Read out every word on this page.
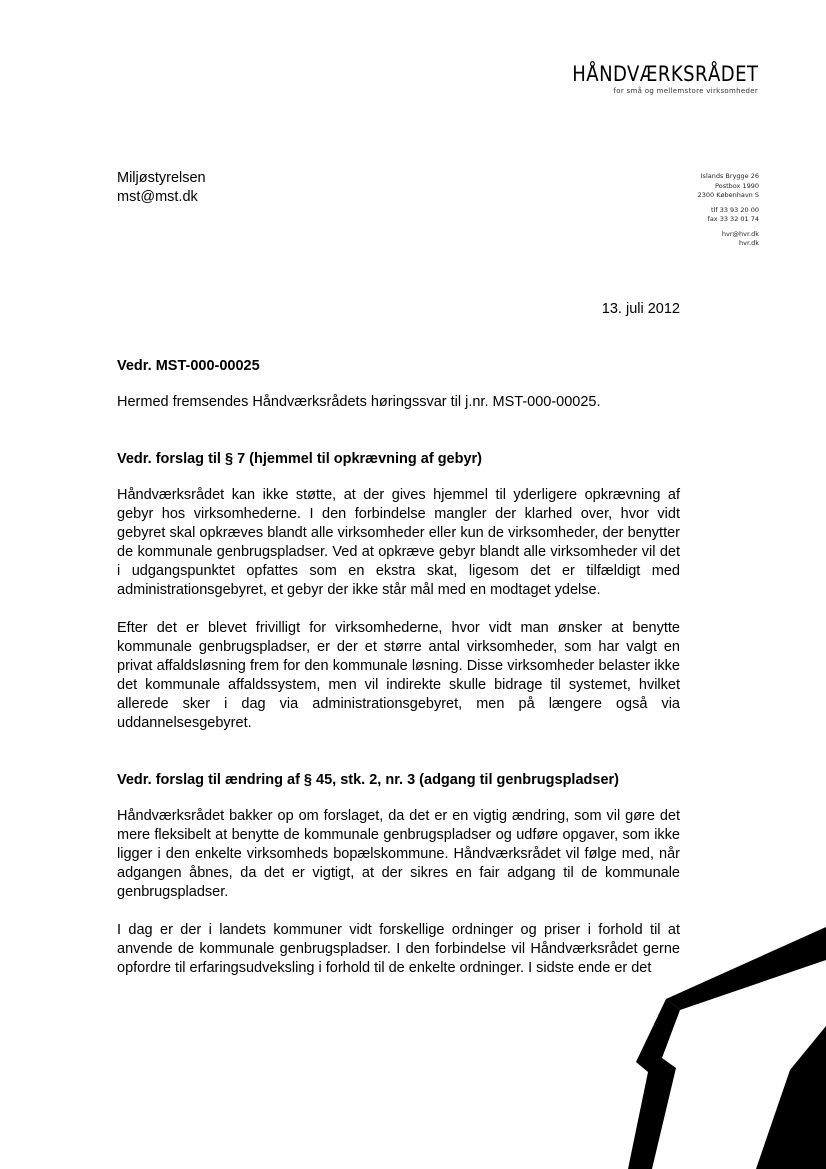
HÅNDVÆRKSRÅDET
for små og mellemstore virksomheder
Miljøstyrelsen
mst@mst.dk
Islands Brygge 26
Postbox 1990
2300 København S
tlf 33 93 20 00
fax 33 32 01 74
hvr@hvr.dk
hvr.dk
13. juli 2012
Vedr. MST-000-00025

Hermed fremsendes Håndværksrådets høringssvar til j.nr. MST-000-00025.

Vedr. forslag til § 7 (hjemmel til opkrævning af gebyr)

Håndværksrådet kan ikke støtte, at der gives hjemmel til yderligere opkrævning af gebyr hos virksomhederne. I den forbindelse mangler der klarhed over, hvor vidt gebyret skal opkræves blandt alle virksomheder eller kun de virksomheder, der benytter de kommunale genbrugspladser. Ved at opkræve gebyr blandt alle virksomheder vil det i udgangspunktet opfattes som en ekstra skat, ligesom det er tilfældigt med administrationsgebyret, et gebyr der ikke står mål med en modtaget ydelse.

Efter det er blevet frivilligt for virksomhederne, hvor vidt man ønsker at benytte kommunale genbrugspladser, er der et større antal virksomheder, som har valgt en privat affaldsløsning frem for den kommunale løsning. Disse virksomheder belaster ikke det kommunale affaldssystem, men vil indirekte skulle bidrage til systemet, hvilket allerede sker i dag via administrationsgebyret, men på længere også via uddannelsesgebyret.

Vedr. forslag til ændring af § 45, stk. 2, nr. 3 (adgang til genbrugspladser)

Håndværksrådet bakker op om forslaget, da det er en vigtig ændring, som vil gøre det mere fleksibelt at benytte de kommunale genbrugspladser og udføre opgaver, som ikke ligger i den enkelte virksomheds bopælskommune. Håndværksrådet vil følge med, når adgangen åbnes, da det er vigtigt, at der sikres en fair adgang til de kommunale genbrugspladser.

I dag er der i landets kommuner vidt forskellige ordninger og priser i forhold til at anvende de kommunale genbrugspladser. I den forbindelse vil Håndværksrådet gerne opfordre til erfaringsudveksling i forhold til de enkelte ordninger. I sidste ende er det
